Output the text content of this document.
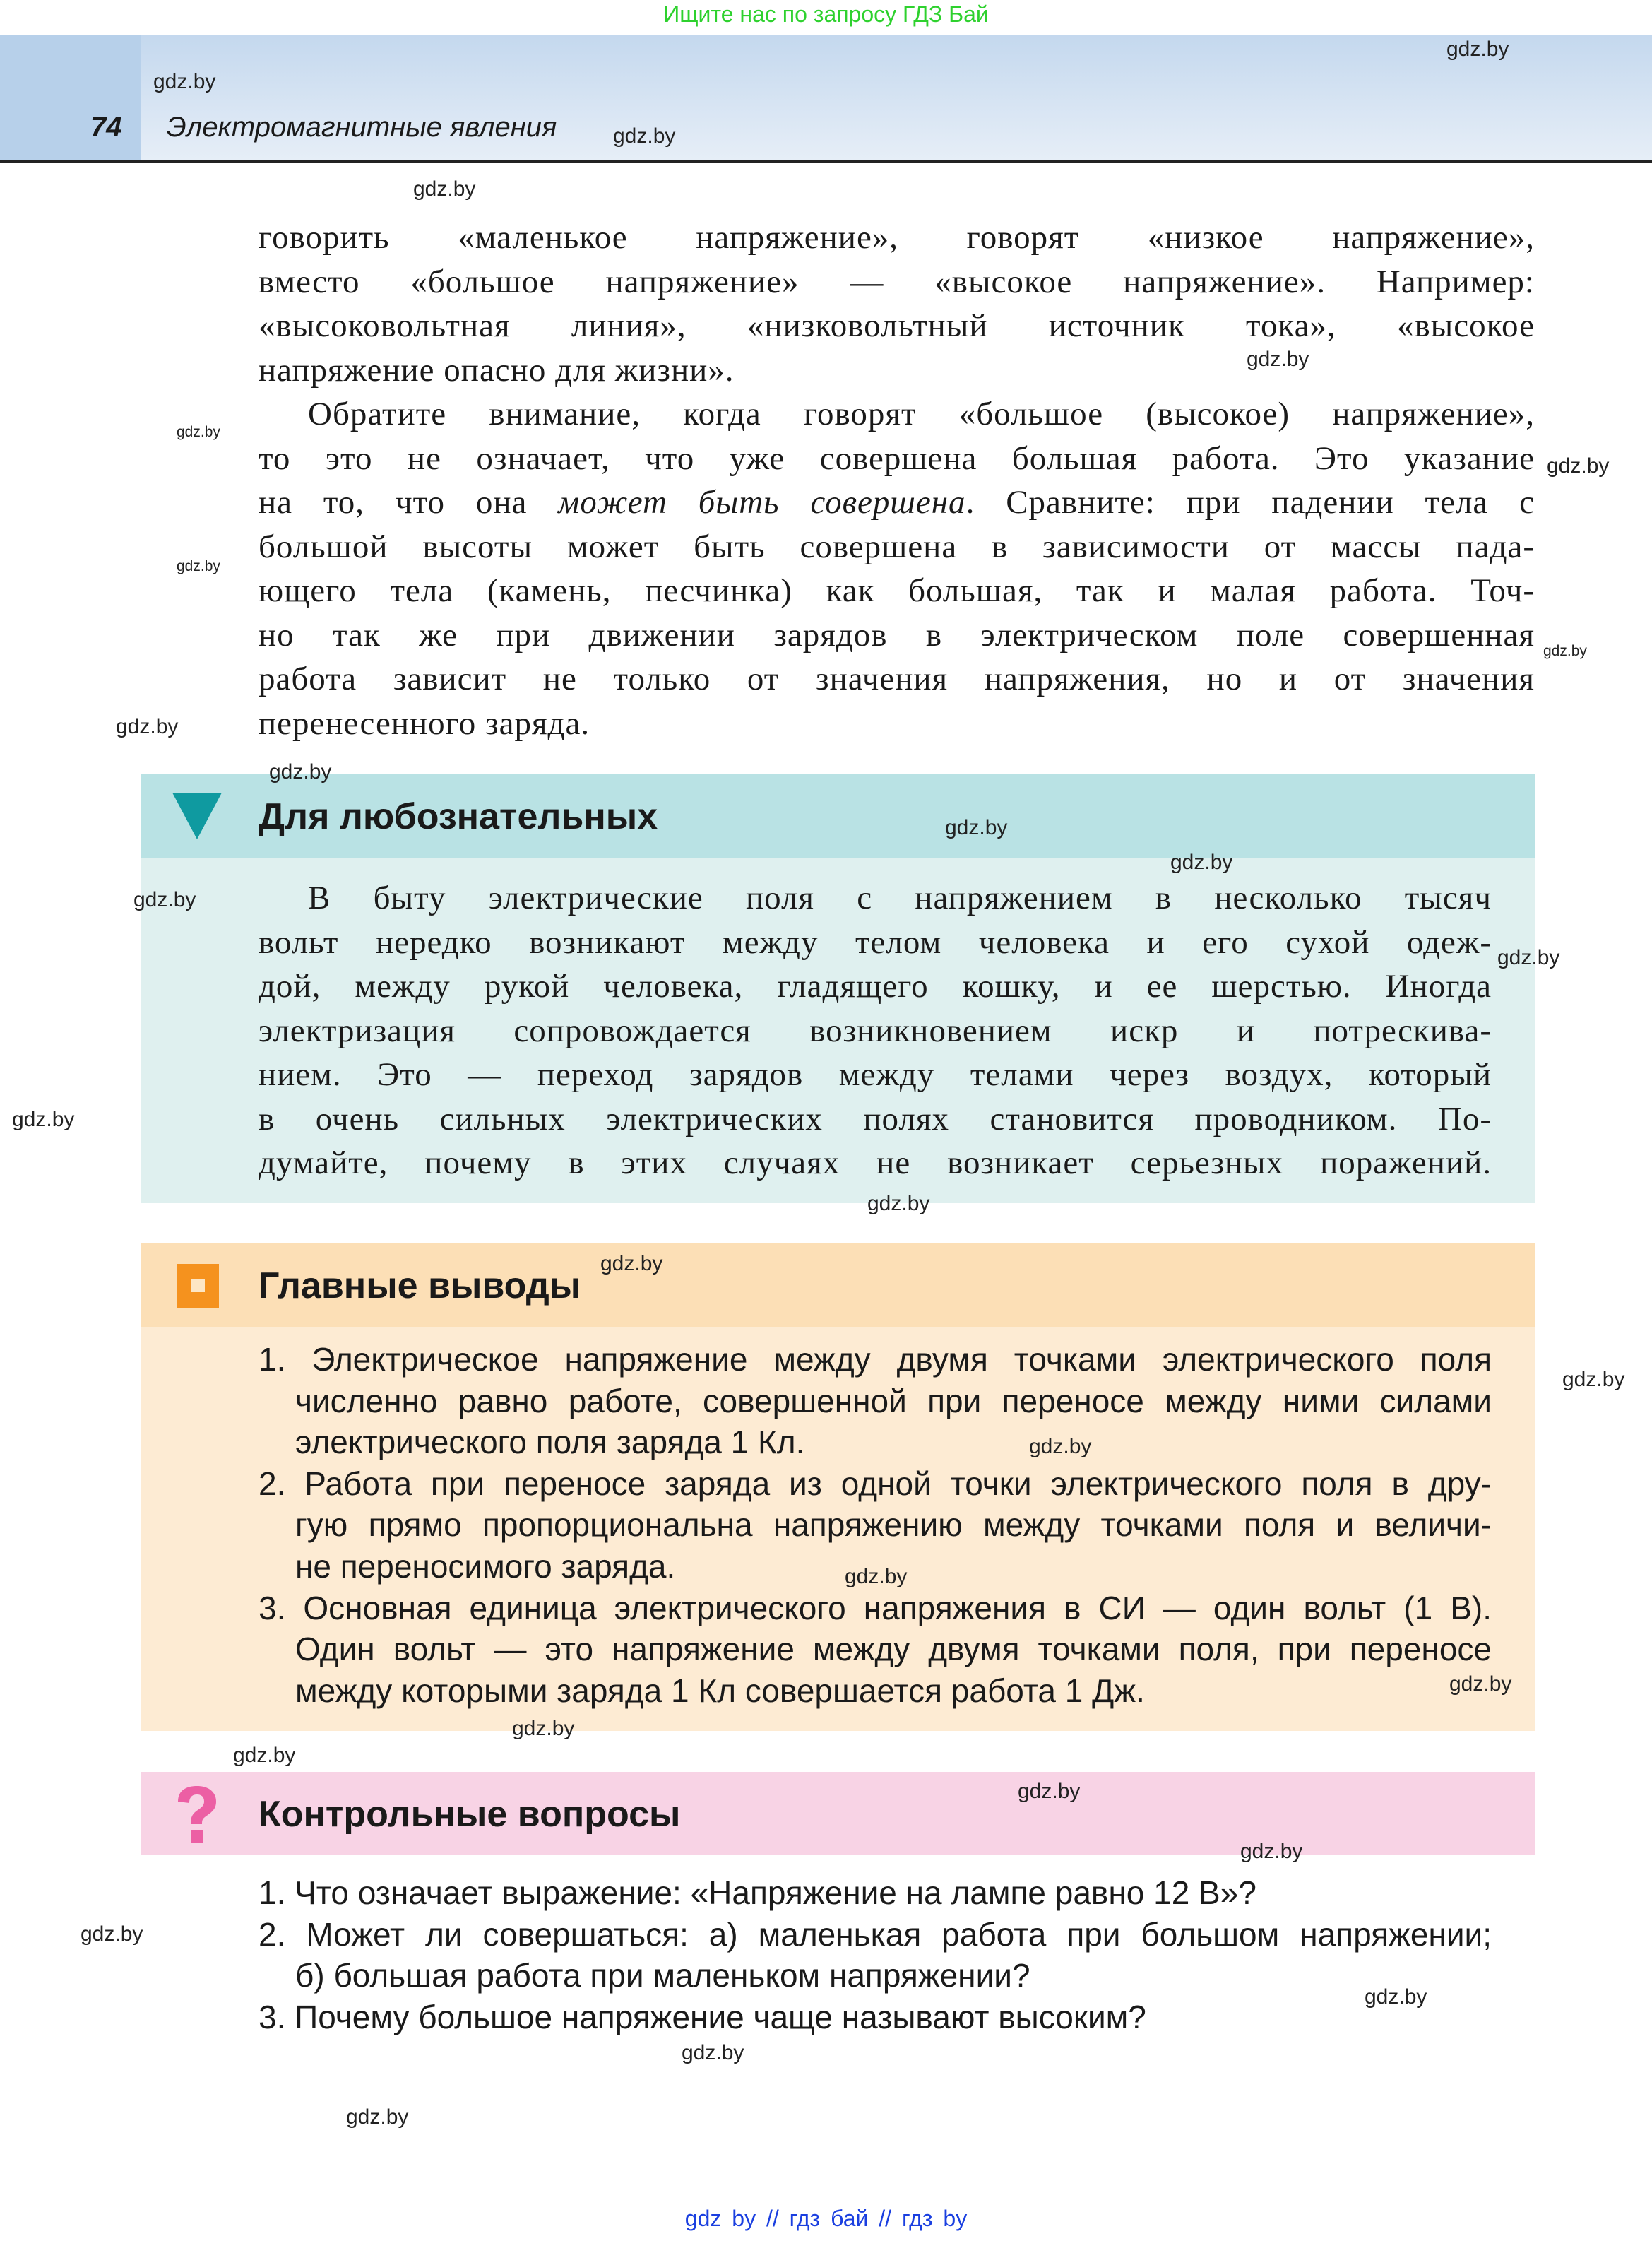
Ищите нас по запросу ГДЗ Бай
74 Электромагнитные явления
говорить «маленькое напряжение», говорят «низкое напряжение»,
вместо «большое напряжение» — «высокое напряжение». Например:
«высоковольтная линия», «низковольтный источник тока», «высокое
напряжение опасно для жизни».
Обратите внимание, когда говорят «большое (высокое) напряжение»,
то это не означает, что уже совершена большая работа. Это указание
большой высоты может быть совершена в зависимости от массы пада-
ющего тела (камень, песчинка) как большая, так и малая работа. Точ-
но так же при движении зарядов в электрическом поле совершенная
работа зависит не только от значения напряжения, но и от значения
перенесенного заряда.
на то, что она может быть совершена. Сравните: при падении тела с
Для любознательных
В быту электрические поля с напряжением в несколько тысяч
вольт нередко возникают между телом человека и его сухой одеж-
дой, между рукой человека, гладящего кошку, и ее шерстью. Иногда
электризация сопровождается возникновением искр и потрескива-
нием. Это — переход зарядов между телами через воздух, который
в очень сильных электрических полях становится проводником. По-
думайте, почему в этих случаях не возникает серьезных поражений.
Главные выводы
1. Электрическое напряжение между двумя точками электрического поля
численно равно работе, совершенной при переносе между ними силами
электрического поля заряда 1 Кл.
2. Работа при переносе заряда из одной точки электрического поля в дру-
гую прямо пропорциональна напряжению между точками поля и величи-
не переносимого заряда.
3. Основная единица электрического напряжения в СИ — один вольт (1 В).
Один вольт — это напряжение между двумя точками поля, при переносе
между которыми заряда 1 Кл совершается работа 1 Дж.
Контрольные вопросы
1. Что означает выражение: «Напряжение на лампе равно 12 В»?
2. Может ли совершаться: а) маленькая работа при большом напряжении;
б) большая работа при маленьком напряжении?
3. Почему большое напряжение чаще называют высоким?
gdz.by
gdz.by
gdz.by
gdz.by
gdz.by
gdz.by
gdz.by
gdz.by
gdz.by
gdz.by
gdz.by
gdz.by
gdz.by
gdz.by
gdz.by
gdz.by
gdz.by
gdz.by
gdz.by
gdz.by
gdz.by
gdz.by
gdz.by
gdz.by
gdz.by
gdz.by
gdz.by
gdz.by
gdz.by
gdz.by
gdz by // гдз бай // гдз by
